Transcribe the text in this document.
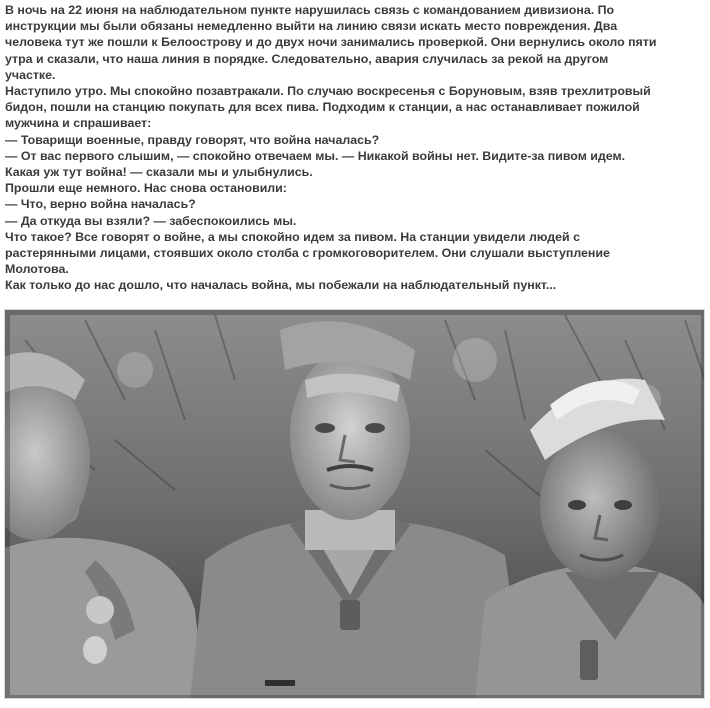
В ночь на 22 июня на наблюдательном пункте нарушилась связь с командованием дивизиона. По

инструкции мы были обязаны немедленно выйти на линию связи искать место повреждения. Два

человека тут же пошли к Белоострову и до двух ночи занимались проверкой. Они вернулись около пяти

утра и сказали, что наша линия в порядке. Следовательно, авария случилась за рекой на другом

участке.

Наступило утро. Мы спокойно позавтракали. По случаю воскресенья с Боруновым, взяв трехлитровый

бидон, пошли на станцию покупать для всех пива. Подходим к станции, а нас останавливает пожилой

мужчина и спрашивает:

— Товарищи военные, правду говорят, что война началась?

— От вас первого слышим, — спокойно отвечаем мы. — Никакой войны нет. Видите-за пивом идем.

Какая уж тут война! — сказали мы и улыбнулись.

Прошли еще немного. Нас снова остановили:

— Что, верно война началась?

— Да откуда вы взяли? — забеспокоились мы.

Что такое? Все говорят о войне, а мы спокойно идем за пивом. На станции увидели людей с

растерянными лицами, стоявших около столба с громкоговорителем. Они слушали выступление

Молотова.

Как только до нас дошло, что началась война, мы побежали на наблюдательный пункт...
